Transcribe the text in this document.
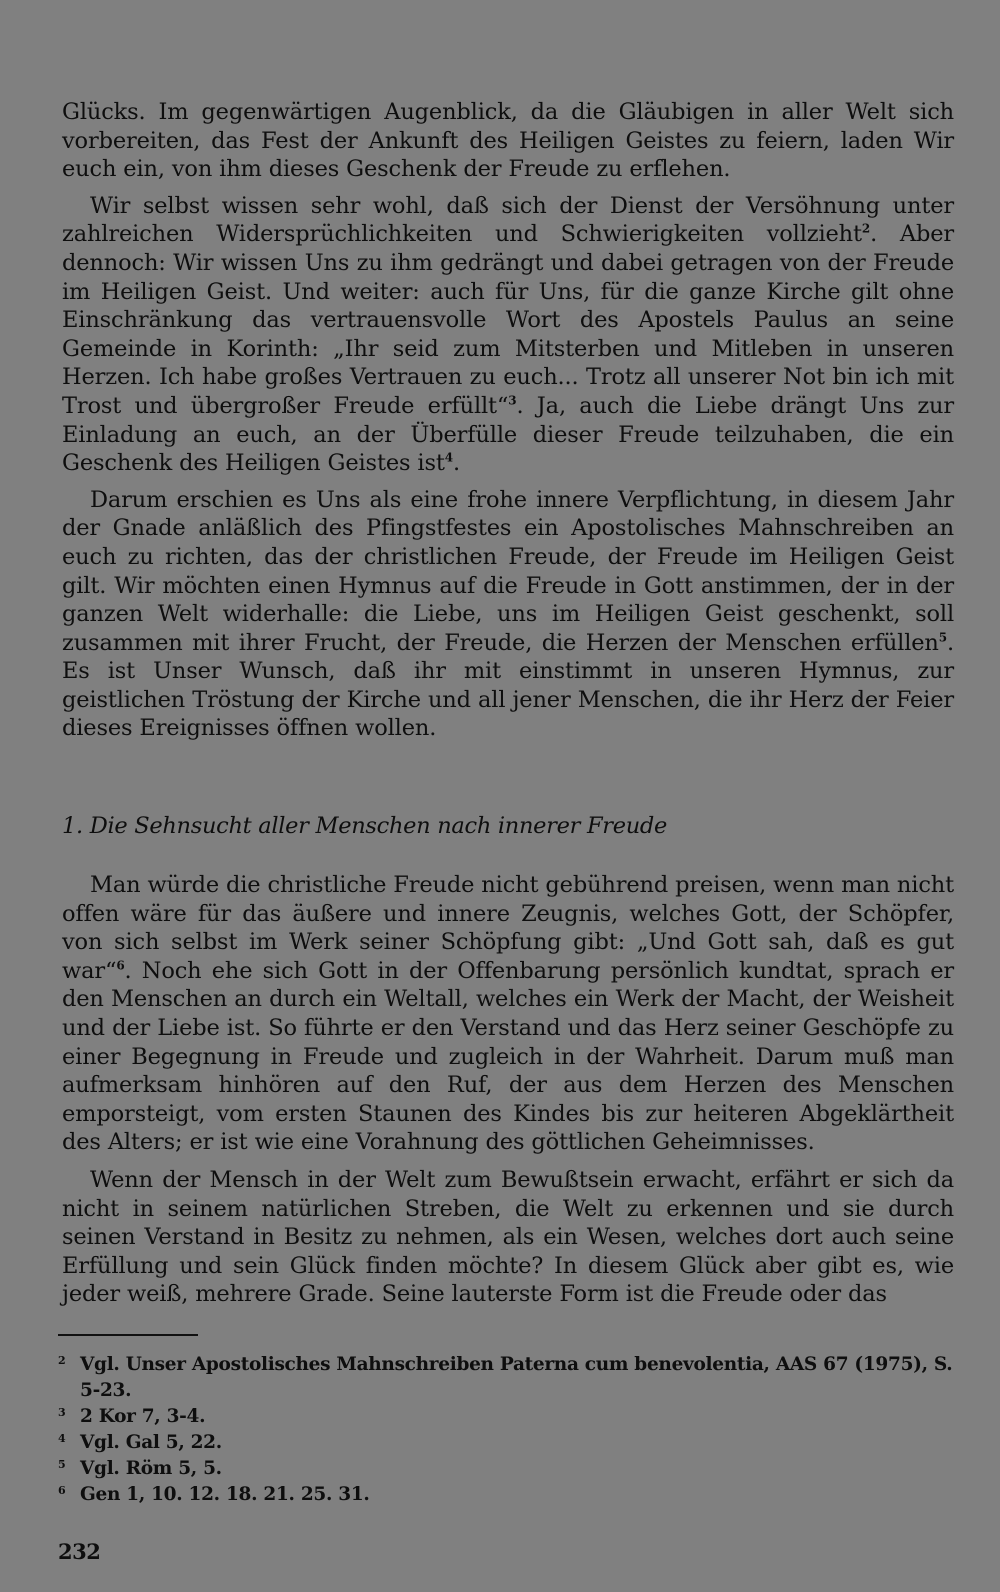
Glücks. Im gegenwärtigen Augenblick, da die Gläubigen in aller Welt sich vorbereiten, das Fest der Ankunft des Heiligen Geistes zu feiern, laden Wir euch ein, von ihm dieses Geschenk der Freude zu erflehen.

Wir selbst wissen sehr wohl, daß sich der Dienst der Versöhnung unter zahlreichen Widersprüchlichkeiten und Schwierigkeiten vollzieht$^2$. Aber dennoch: Wir wissen Uns zu ihm gedrängt und dabei getragen von der Freude im Heiligen Geist. Und weiter: auch für Uns, für die ganze Kirche gilt ohne Einschränkung das vertrauensvolle Wort des Apostels Paulus an seine Gemeinde in Korinth: „Ihr seid zum Mitsterben und Mitleben in unseren Herzen. Ich habe großes Vertrauen zu euch... Trotz all unserer Not bin ich mit Trost und übergroßer Freude erfüllt“$^3$. Ja, auch die Liebe drängt Uns zur Einladung an euch, an der Überfülle dieser Freude teilzuhaben, die ein Geschenk des Heiligen Geistes ist$^4$.

Darum erschien es Uns als eine frohe innere Verpflichtung, in diesem Jahr der Gnade anläßlich des Pfingstfestes ein Apostolisches Mahnschreiben an euch zu richten, das der christlichen Freude, der Freude im Heiligen Geist gilt. Wir möchten einen Hymnus auf die Freude in Gott anstimmen, der in der ganzen Welt widerhalle: die Liebe, uns im Heiligen Geist geschenkt, soll zusammen mit ihrer Frucht, der Freude, die Herzen der Menschen erfüllen$^5$. Es ist Unser Wunsch, daß ihr mit einstimmt in unseren Hymnus, zur geistlichen Tröstung der Kirche und all jener Menschen, die ihr Herz der Feier dieses Ereignisses öffnen wollen.

1. Die Sehnsucht aller Menschen nach innerer Freude

Man würde die christliche Freude nicht gebührend preisen, wenn man nicht offen wäre für das äußere und innere Zeugnis, welches Gott, der Schöpfer, von sich selbst im Werk seiner Schöpfung gibt: „Und Gott sah, daß es gut war“$^6$. Noch ehe sich Gott in der Offenbarung persönlich kundtat, sprach er den Menschen an durch ein Weltall, welches ein Werk der Macht, der Weisheit und der Liebe ist. So führte er den Verstand und das Herz seiner Geschöpfe zu einer Begegnung in Freude und zugleich in der Wahrheit. Darum muß man aufmerksam hinhören auf den Ruf, der aus dem Herzen des Menschen emporsteigt, vom ersten Staunen des Kindes bis zur heiteren Abgeklärtheit des Alters; er ist wie eine Vorahnung des göttlichen Geheimnisses.

Wenn der Mensch in der Welt zum Bewußtsein erwacht, erfährt er sich da nicht in seinem natürlichen Streben, die Welt zu erkennen und sie durch seinen Verstand in Besitz zu nehmen, als ein Wesen, welches dort auch seine Erfüllung und sein Glück finden möchte? In diesem Glück aber gibt es, wie jeder weiß, mehrere Grade. Seine lauterste Form ist die Freude oder das

2 Vgl. Unser Apostolisches Mahnschreiben Paterna cum benevolentia, AAS 67 (1975), S. 5-23.
3 2 Kor 7, 3-4.
4 Vgl. Gal 5, 22.
5 Vgl. Röm 5, 5.
6 Gen 1, 10. 12. 18. 21. 25. 31.
232
